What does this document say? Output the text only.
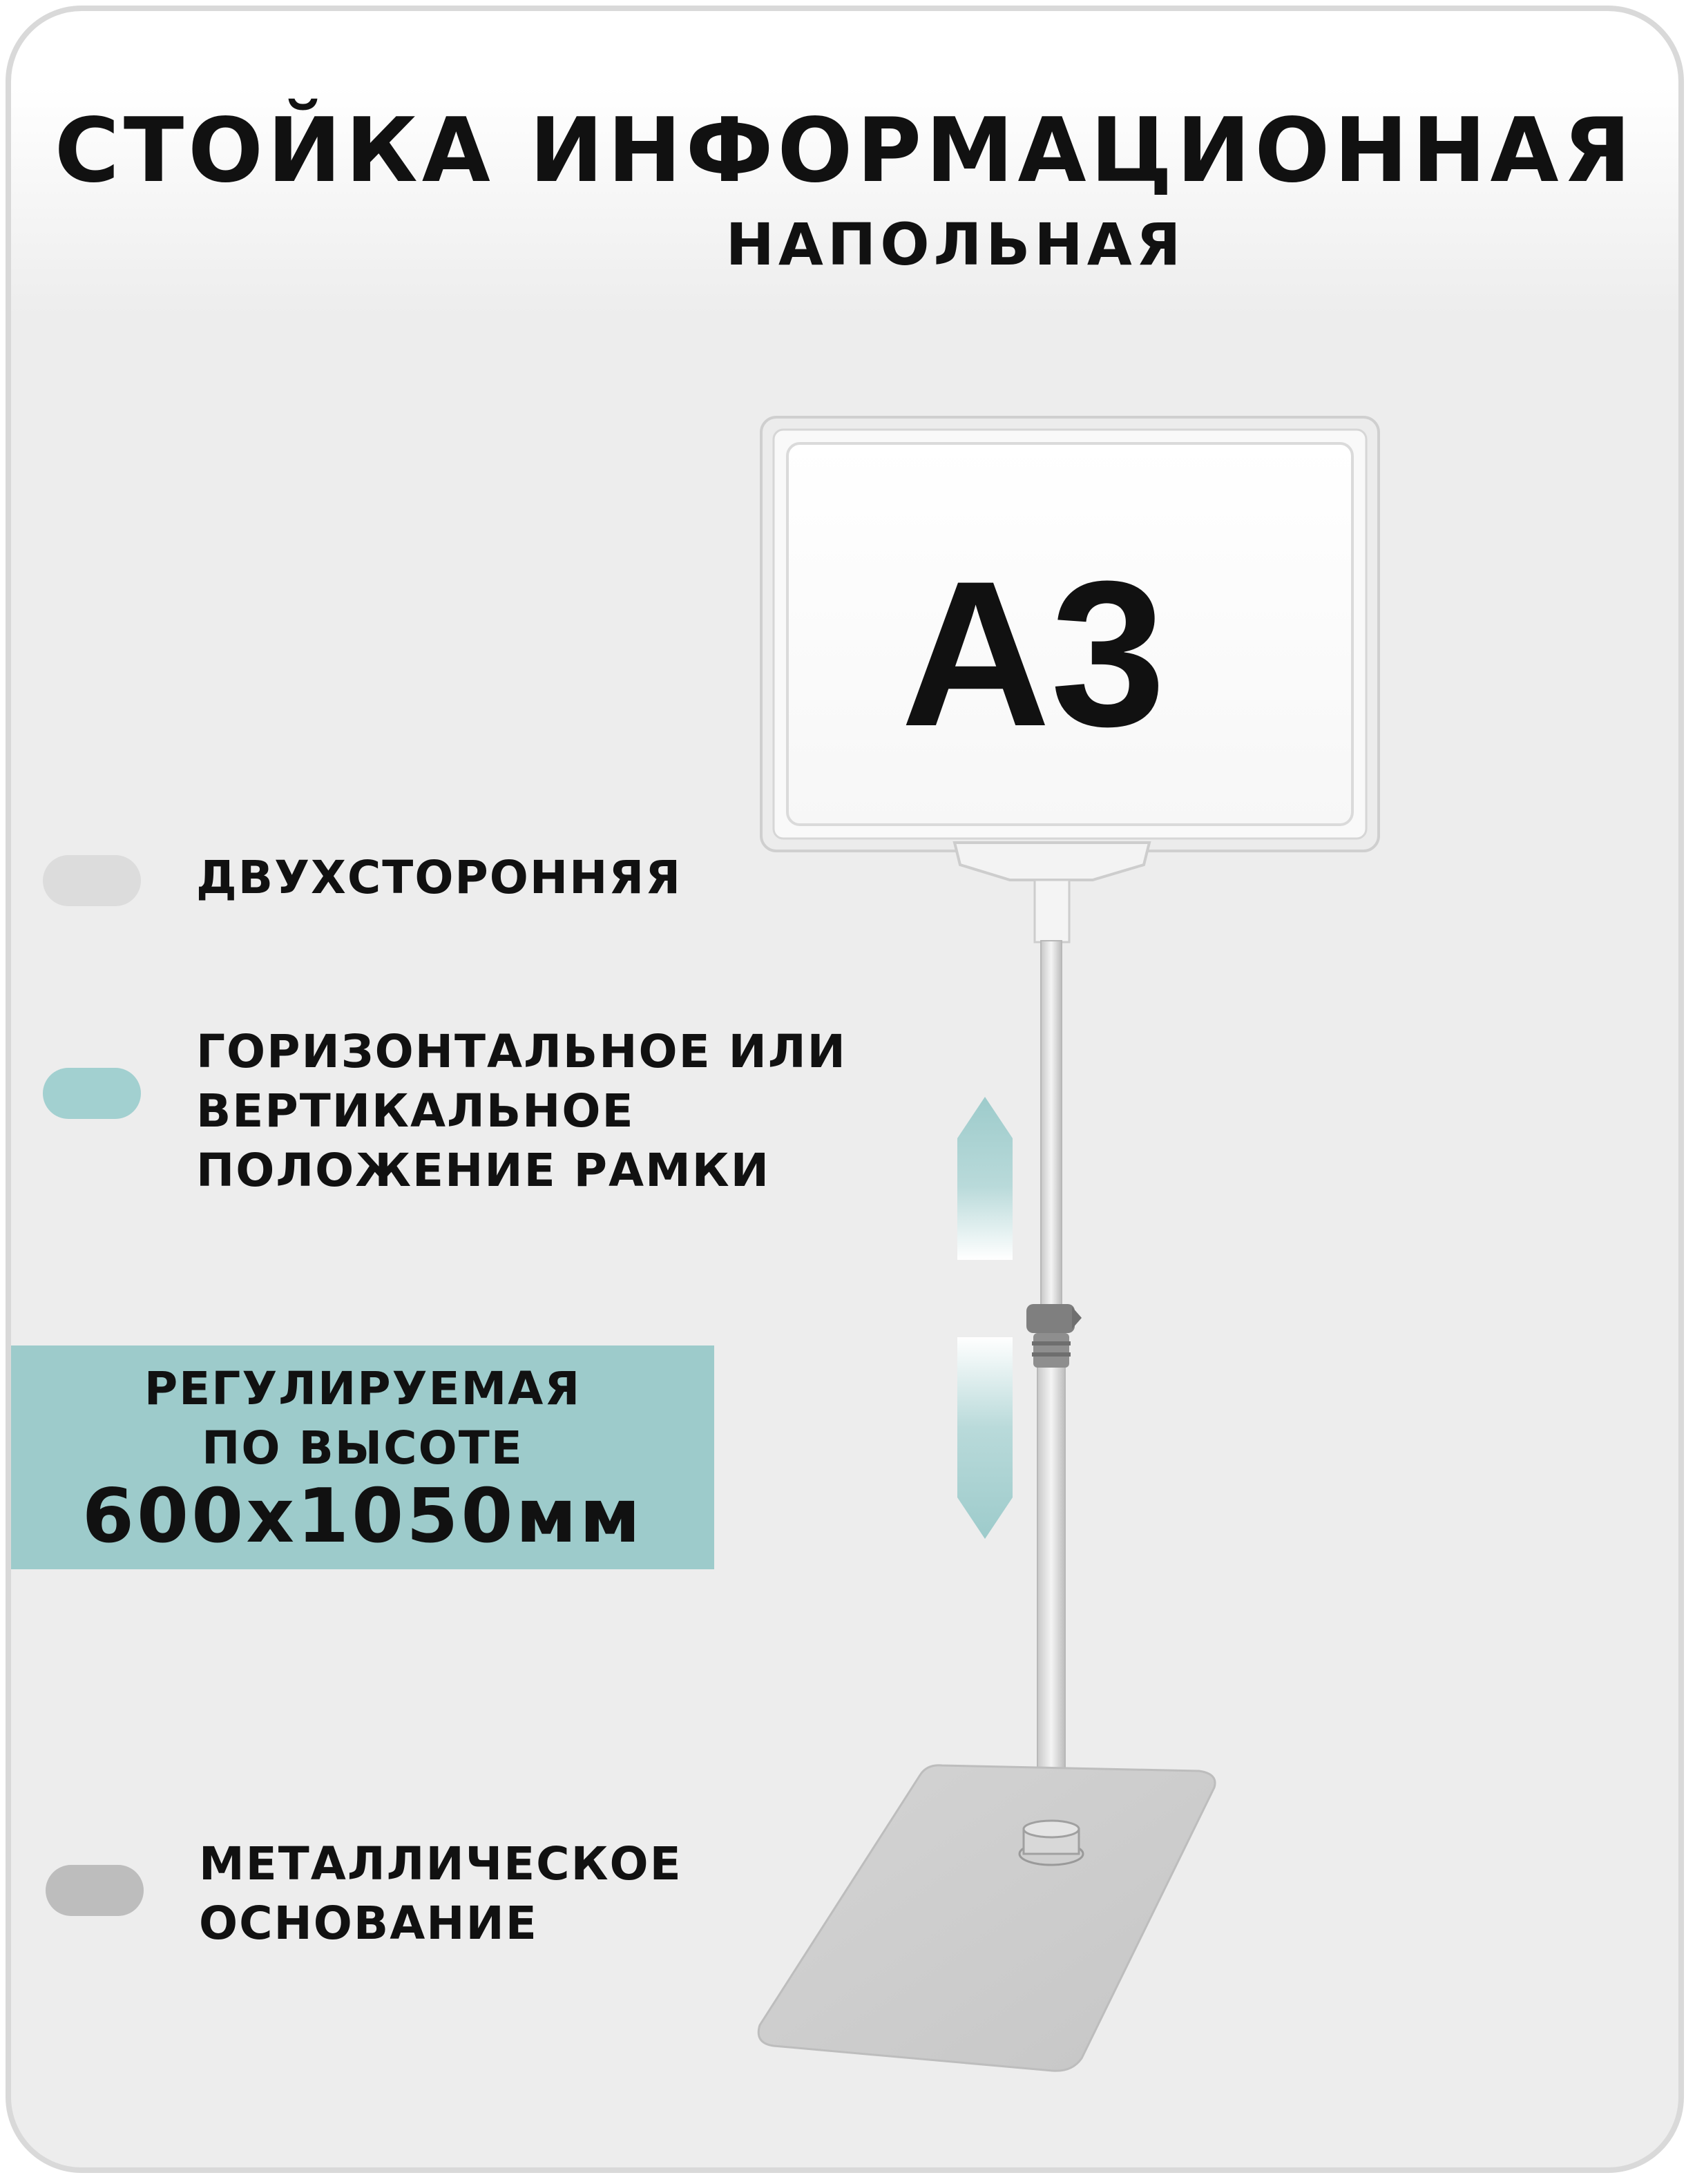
СТОЙКА ИНФОРМАЦИОННАЯ
НАПОЛЬНАЯ
А3
ДВУХСТОРОННЯЯ
ГОРИЗОНТАЛЬНОЕ ИЛИ
ВЕРТИКАЛЬНОЕ
ПОЛОЖЕНИЕ РАМКИ
МЕТАЛЛИЧЕСКОЕ
ОСНОВАНИЕ
РЕГУЛИРУЕМАЯ
ПО ВЫСОТЕ
600х1050мм
